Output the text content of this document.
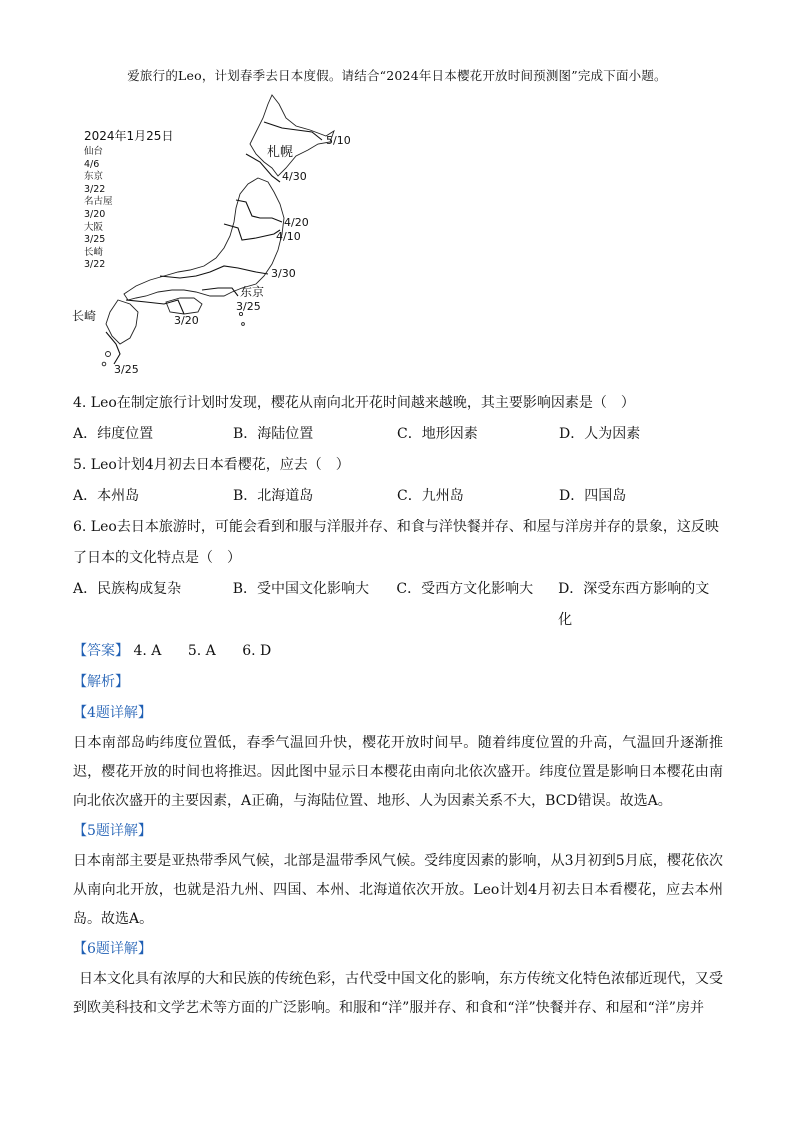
爱旅行的Leo，计划春季去日本度假。请结合“2024年日本樱花开放时间预测图”完成下面小题。
札幌
5/10
4/30
4/20
4/10
3/30
东京
3/25
3/20
长崎
3/25
2024年1月25日
仙台
4/6
东京
3/22
名古屋
3/20
大阪
3/25
长崎
3/22

4. Leo在制定旅行计划时发现，樱花从南向北开花时间越来越晚，其主要影响因素是（　）

A．纬度位置	B．海陆位置	C．地形因素	D．人为因素

5. Leo计划4月初去日本看樱花，应去（　）

A．本州岛	B．北海道岛	C．九州岛	D．四国岛

6. Leo去日本旅游时，可能会看到和服与洋服并存、和食与洋快餐并存、和屋与洋房并存的景象，这反映

了日本的文化特点是（　）

A．民族构成复杂	B．受中国文化影响大	C．受西方文化影响大	D．深受东西方影响的文化

【答案】 4. A 5. A 6. D

【解析】

【4题详解】

日本南部岛屿纬度位置低，春季气温回升快，樱花开放时间早。随着纬度位置的升高，气温回升逐渐推迟，樱花开放的时间也将推迟。因此图中显示日本樱花由南向北依次盛开。纬度位置是影响日本樱花由南向北依次盛开的主要因素，A正确，与海陆位置、地形、人为因素关系不大，BCD错误。故选A。

【5题详解】

日本南部主要是亚热带季风气候，北部是温带季风气候。受纬度因素的影响，从3月初到5月底，樱花依次从南向北开放，也就是沿九州、四国、本州、北海道依次开放。Leo计划4月初去日本看樱花，应去本州岛。故选A。

【6题详解】

日本文化具有浓厚的大和民族的传统色彩，古代受中国文化的影响，东方传统文化特色浓郁近现代，又受到欧美科技和文学艺术等方面的广泛影响。和服和“洋”服并存、和食和“洋”快餐并存、和屋和“洋”房并
